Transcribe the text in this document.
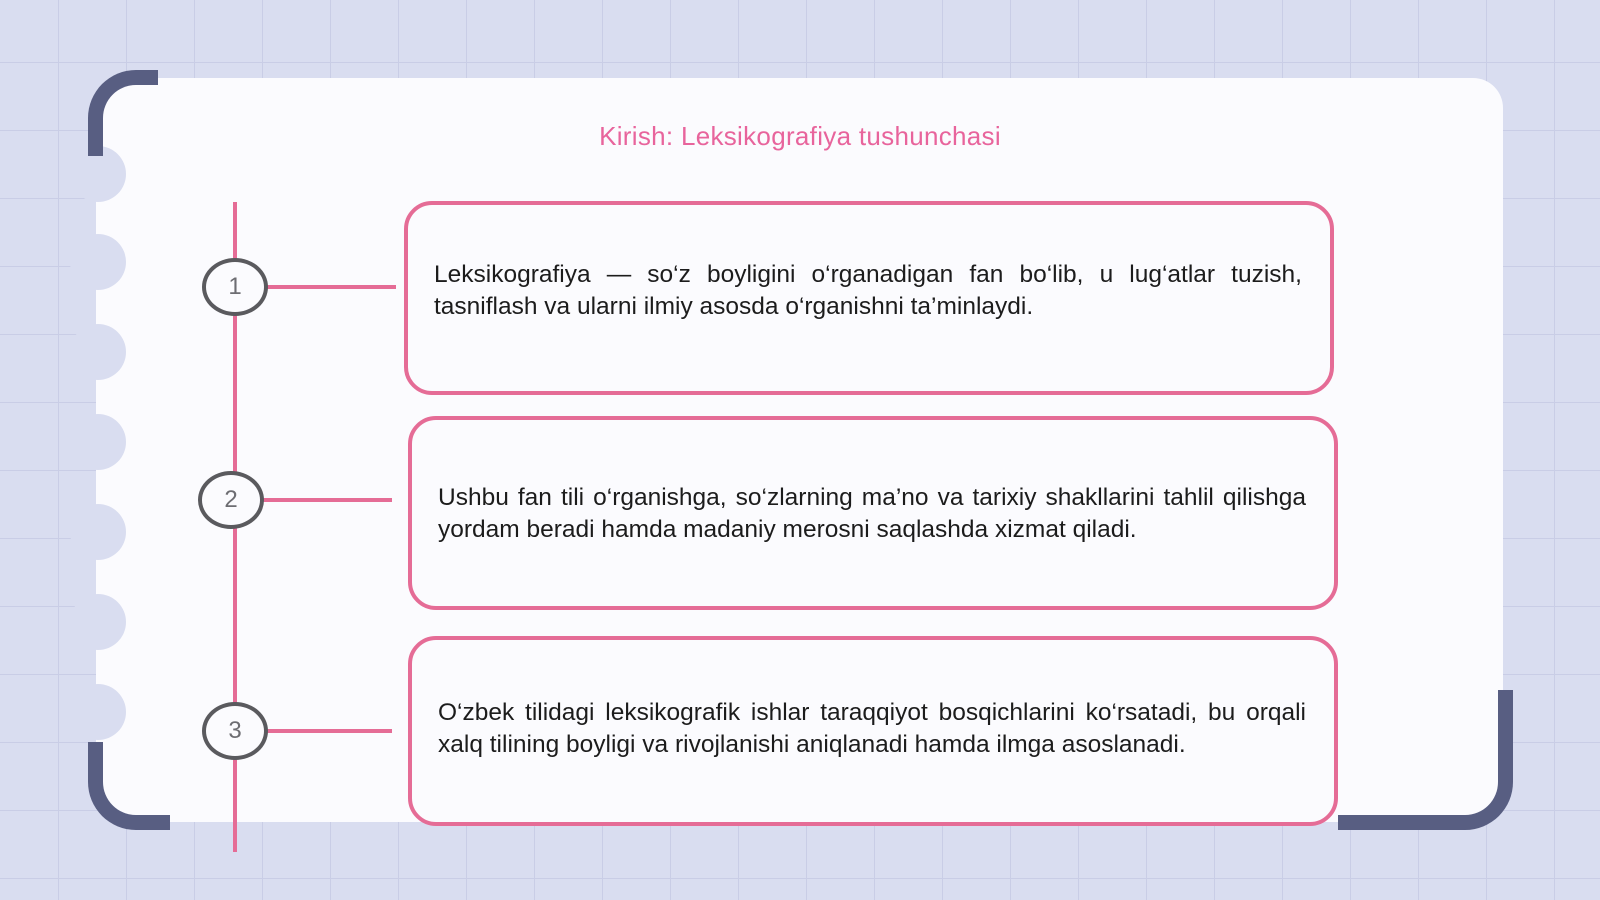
Kirish: Leksikografiya tushunchasi
1	Leksikografiya — so‘z boyligini o‘rganadigan fan bo‘lib, u lug‘atlar tuzish, tasniflash va ularni ilmiy asosda o‘rganishni ta’minlaydi.

2	Ushbu fan tili o‘rganishga, so‘zlarning ma’no va tarixiy shakllarini tahlil qilishga yordam beradi hamda madaniy merosni saqlashda xizmat qiladi.

3

O‘zbek tilidagi leksikografik ishlar taraqqiyot bosqichlarini ko‘rsatadi, bu orqali xalq tilining boyligi va rivojlanishi aniqlanadi hamda ilmga asoslanadi.
